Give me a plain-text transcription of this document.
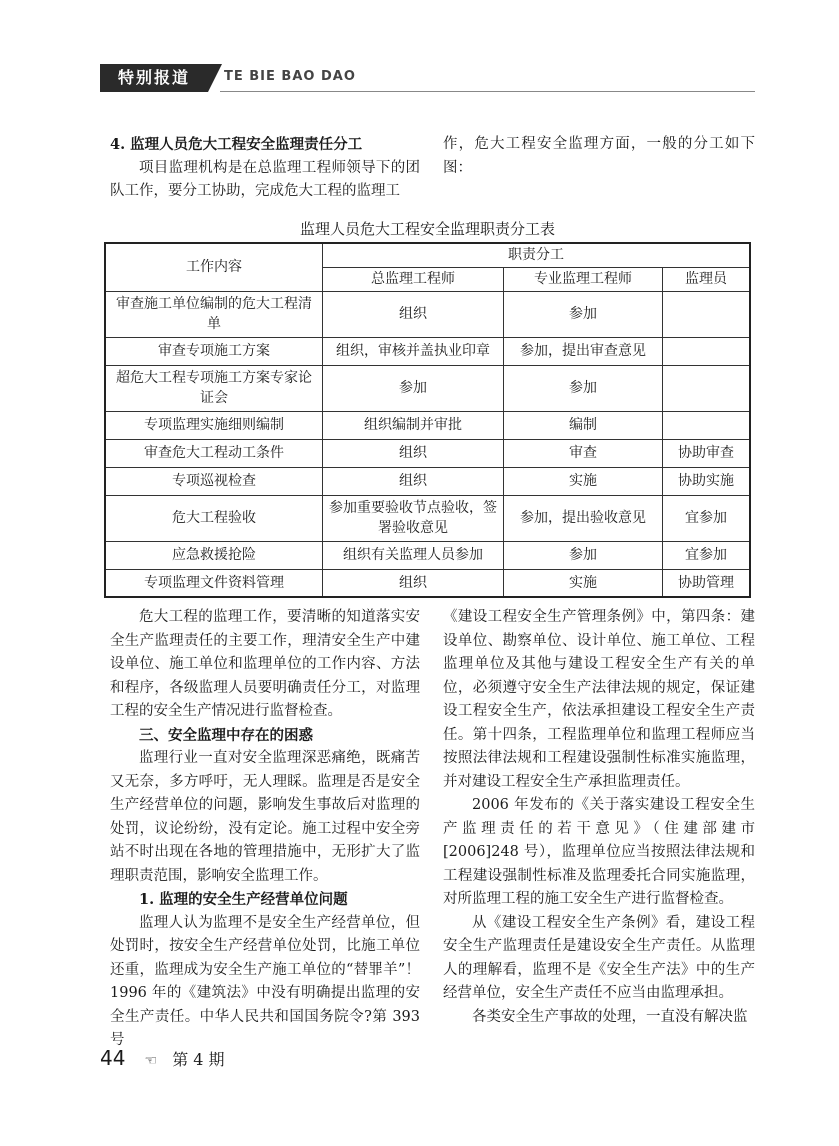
特别报道	TE BIE BAO DAO

4. 监理人员危大工程安全监理责任分工

项目监理机构是在总监理工程师领导下的团队工作，要分工协助，完成危大工程的监理工

作，危大工程安全监理方面，一般的分工如下图：

监理人员危大工程安全监理职责分工表
工作内容	职责分工		
	总监理工程师	专业监理工程师	监理员
审查施工单位编制的危大工程清单	组织	参加	
审查专项施工方案	组织，审核并盖执业印章	参加，提出审查意见	
超危大工程专项施工方案专家论证会	参加	参加	
专项监理实施细则编制	组织编制并审批	编制	
审查危大工程动工条件	组织	审查	协助审查
专项巡视检查	组织	实施	协助实施
危大工程验收	参加重要验收节点验收，签署验收意见	参加，提出验收意见	宜参加
应急救援抢险	组织有关监理人员参加	参加	宜参加
专项监理文件资料管理	组织	实施	协助管理

危大工程的监理工作，要清晰的知道落实安全生产监理责任的主要工作，理清安全生产中建设单位、施工单位和监理单位的工作内容、方法和程序，各级监理人员要明确责任分工，对监理工程的安全生产情况进行监督检查。

三、安全监理中存在的困惑

监理行业一直对安全监理深恶痛绝，既痛苦又无奈，多方呼吁，无人理睬。监理是否是安全生产经营单位的问题，影响发生事故后对监理的处罚，议论纷纷，没有定论。施工过程中安全旁站不时出现在各地的管理措施中，无形扩大了监理职责范围，影响安全监理工作。

1. 监理的安全生产经营单位问题

监理人认为监理不是安全生产经营单位，但处罚时，按安全生产经营单位处罚，比施工单位还重，监理成为安全生产施工单位的“替罪羊”！1996 年的《建筑法》中没有明确提出监理的安全生产责任。中华人民共和国国务院令?第 393 号

《建设工程安全生产管理条例》中，第四条：建设单位、勘察单位、设计单位、施工单位、工程监理单位及其他与建设工程安全生产有关的单位，必须遵守安全生产法律法规的规定，保证建设工程安全生产，依法承担建设工程安全生产责任。第十四条，工程监理单位和监理工程师应当按照法律法规和工程建设强制性标准实施监理，并对建设工程安全生产承担监理责任。

2006 年发布的《关于落实建设工程安全生产监理责任的若干意见》（住建部建市[2006]248 号），监理单位应当按照法律法规和工程建设强制性标准及监理委托合同实施监理，对所监理工程的施工安全生产进行监督检查。

从《建设工程安全生产条例》看，建设工程安全生产监理责任是建设安全生产责任。从监理人的理解看，监理不是《安全生产法》中的生产经营单位，安全生产责任不应当由监理承担。

各类安全生产事故的处理，一直没有解决监

44 ☜ 第 4 期
